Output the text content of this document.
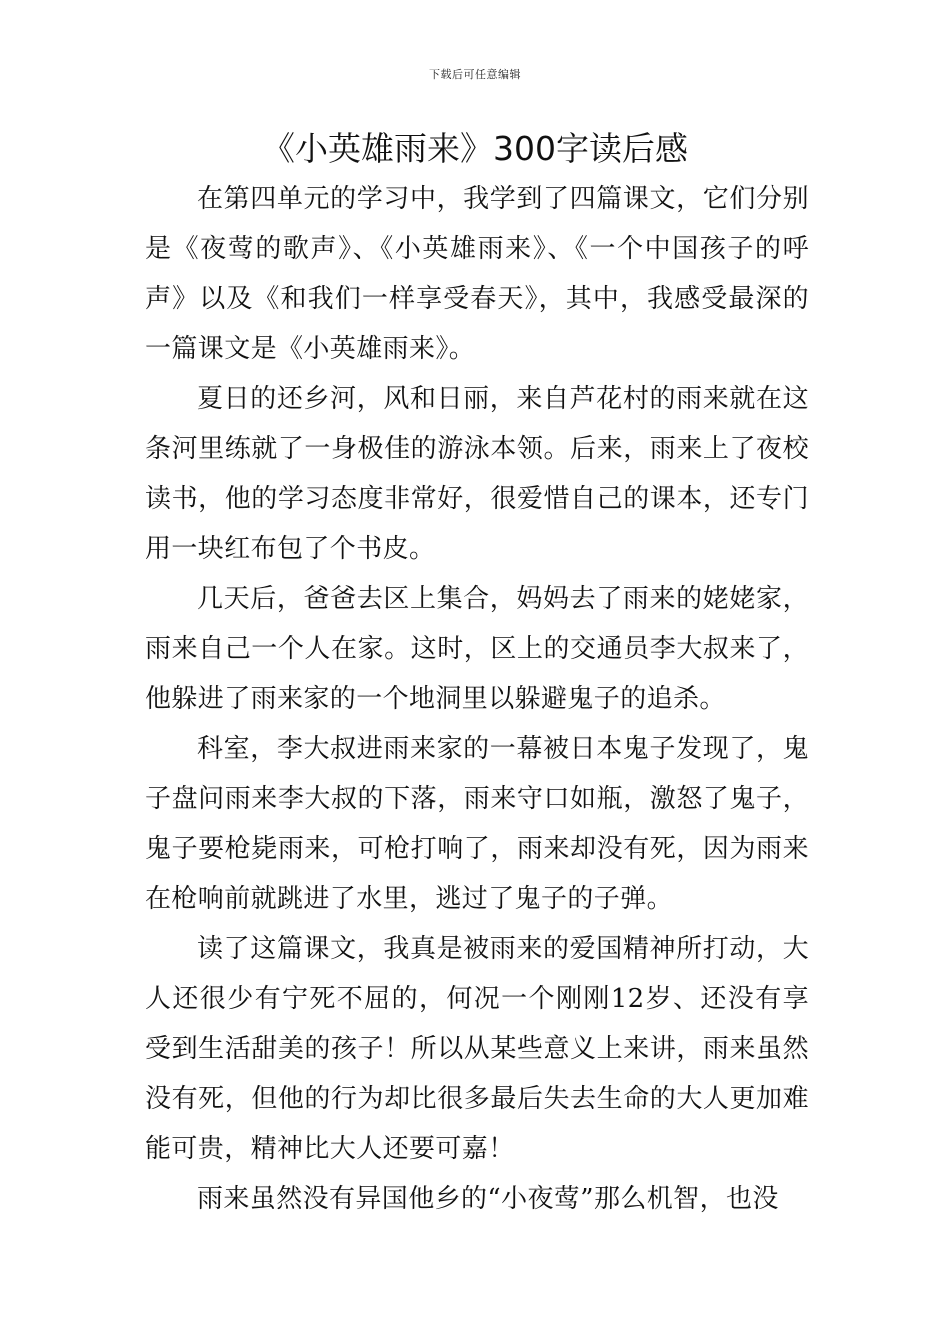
下载后可任意编辑
《小英雄雨来》300字读后感

在第四单元的学习中，我学到了四篇课文，它们分别是《夜莺的歌声》、《小英雄雨来》、《一个中国孩子的呼声》以及《和我们一样享受春天》，其中，我感受最深的一篇课文是《小英雄雨来》。

夏日的还乡河，风和日丽，来自芦花村的雨来就在这条河里练就了一身极佳的游泳本领。后来，雨来上了夜校读书，他的学习态度非常好，很爱惜自己的课本，还专门用一块红布包了个书皮。

几天后，爸爸去区上集合，妈妈去了雨来的姥姥家，雨来自己一个人在家。这时，区上的交通员李大叔来了，他躲进了雨来家的一个地洞里以躲避鬼子的追杀。

科室，李大叔进雨来家的一幕被日本鬼子发现了，鬼子盘问雨来李大叔的下落，雨来守口如瓶，激怒了鬼子，鬼子要枪毙雨来，可枪打响了，雨来却没有死，因为雨来在枪响前就跳进了水里，逃过了鬼子的子弹。

读了这篇课文，我真是被雨来的爱国精神所打动，大人还很少有宁死不屈的，何况一个刚刚12岁、还没有享受到生活甜美的孩子！所以从某些意义上来讲，雨来虽然没有死，但他的行为却比很多最后失去生命的大人更加难能可贵，精神比大人还要可嘉！

雨来虽然没有异国他乡的“小夜莺”那么机智，也没
